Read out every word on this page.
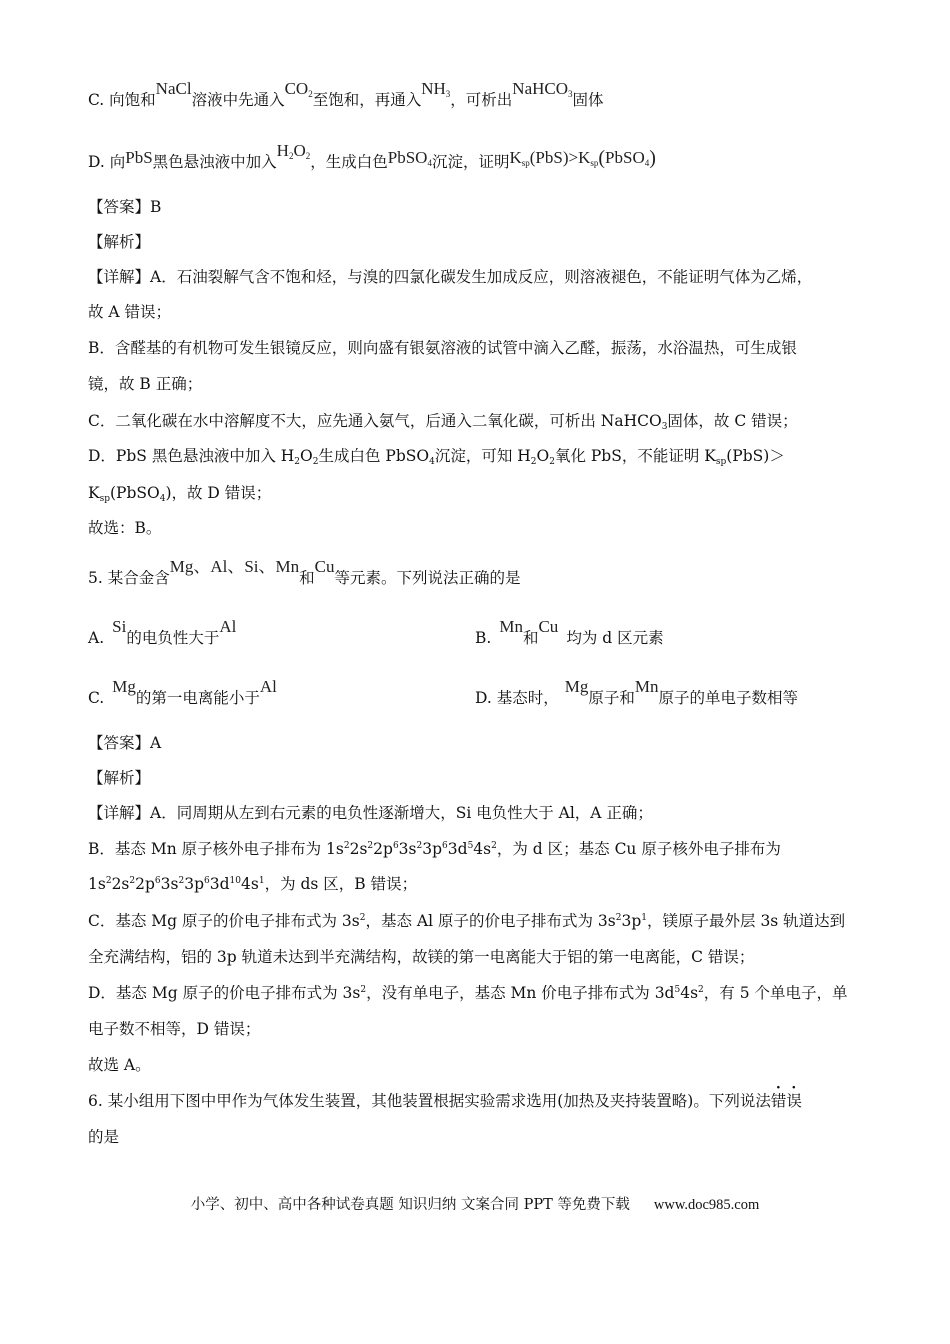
C. 向饱和NaCl溶液中先通入$CO_2$至饱和，再通入$NH_3$，可析出NaHCO$_3$固体
D. 向PbS黑色悬浊液中加入$H_2O_2$，生成白色PbSO$_4$沉淀，证明$K_{sp}(PbS)>K_{sp}(PbSO_4)$
【答案】B
【解析】
【详解】A．石油裂解气含不饱和烃，与溴的四氯化碳发生加成反应，则溶液褪色，不能证明气体为乙烯，
故 A 错误；
B．含醛基的有机物可发生银镜反应，则向盛有银氨溶液的试管中滴入乙醛，振荡，水浴温热，可生成银
镜，故 B 正确；
C．二氧化碳在水中溶解度不大，应先通入氨气，后通入二氧化碳，可析出 NaHCO$_3$固体，故 C 错误；
D．PbS 黑色悬浊液中加入 $H_2O_2$生成白色 PbSO$_4$沉淀，可知 $H_2O_2$氧化 PbS，不能证明 $K_{sp}(PbS)>$
$K_{sp}(PbSO_4)$，故 D 错误；
故选：B。
5. 某合金含Mg、Al、Si、Mn和Cu等元素。下列说法正确的是
A.Si的电负性大于Al
B.Mn和Cu均为 d 区元素
C.Mg的第一电离能小于Al
D. 基态时，Mg原子和Mn原子的单电子数相等
【答案】A
【解析】
【详解】A．同周期从左到右元素的电负性逐渐增大，Si 电负性大于 Al，A 正确；
B．基态 Mn 原子核外电子排布为 $1s^22s^22p^63s^23p^63d^54s^2$，为 d 区；基态 Cu 原子核外电子排布为
$1s^22s^22p^63s^23p^63d^{10}4s^1$，为 ds 区，B 错误；
C．基态 Mg 原子的价电子排布式为 $3s^2$，基态 Al 原子的价电子排布式为 $3s^23p^1$，镁原子最外层 3s 轨道达到
全充满结构，铝的 3p 轨道未达到半充满结构，故镁的第一电离能大于铝的第一电离能，C 错误；
D．基态 Mg 原子的价电子排布式为 $3s^2$，没有单电子，基态 Mn 价电子排布式为 $3d^54s^2$，有 5 个单电子，单
电子数不相等，D 错误；
故选 A。
6. 某小组用下图中甲作为气体发生装置，其他装置根据实验需求选用(加热及夹持装置略)。下列说法错误
的是
小学、初中、高中各种试卷真题 知识归纳 文案合同 PPT 等免费下载 www.doc985.com
